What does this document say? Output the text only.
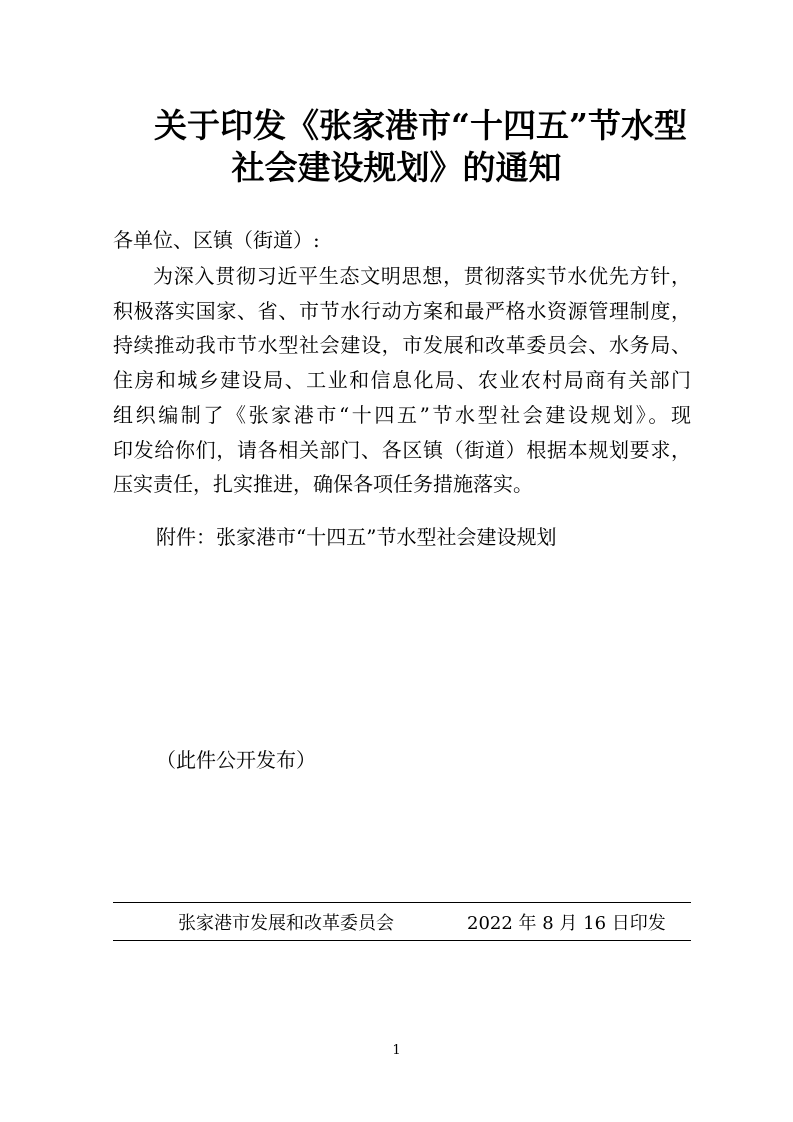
关于印发《张家港市“十四五”节水型
社会建设规划》的通知
各单位、区镇（街道）:

为深入贯彻习近平生态文明思想，贯彻落实节水优先方针，
积极落实国家、省、市节水行动方案和最严格水资源管理制度，
持续推动我市节水型社会建设，市发展和改革委员会、水务局、
住房和城乡建设局、工业和信息化局、农业农村局商有关部门
组织编制了《张家港市“十四五”节水型社会建设规划》。现
印发给你们，请各相关部门、各区镇（街道）根据本规划要求，
压实责任，扎实推进，确保各项任务措施落实。

附件：张家港市“十四五”节水型社会建设规划
（此件公开发布）
张家港市发展和改革委员会	2022 年 8 月 16 日印发
1
